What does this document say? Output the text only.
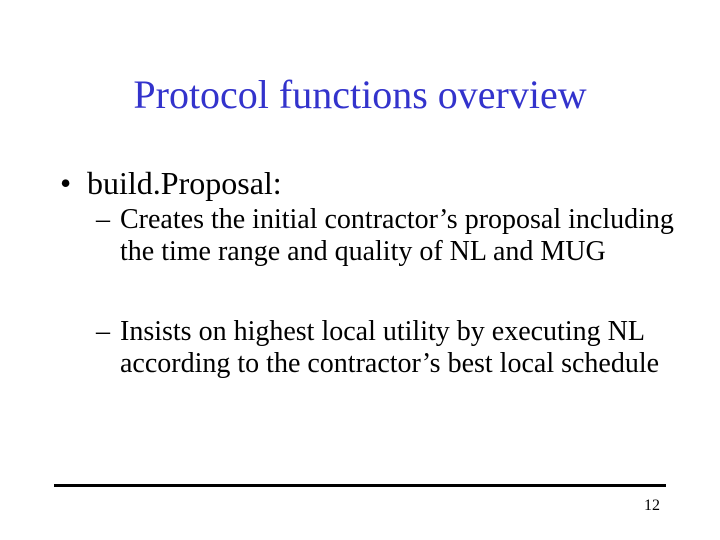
Protocol functions overview
• build.Proposal:
– Creates the initial contractor’s proposal including the time range and quality of NL and MUG
– Insists on highest local utility by executing NL according to the contractor’s best local schedule
12
